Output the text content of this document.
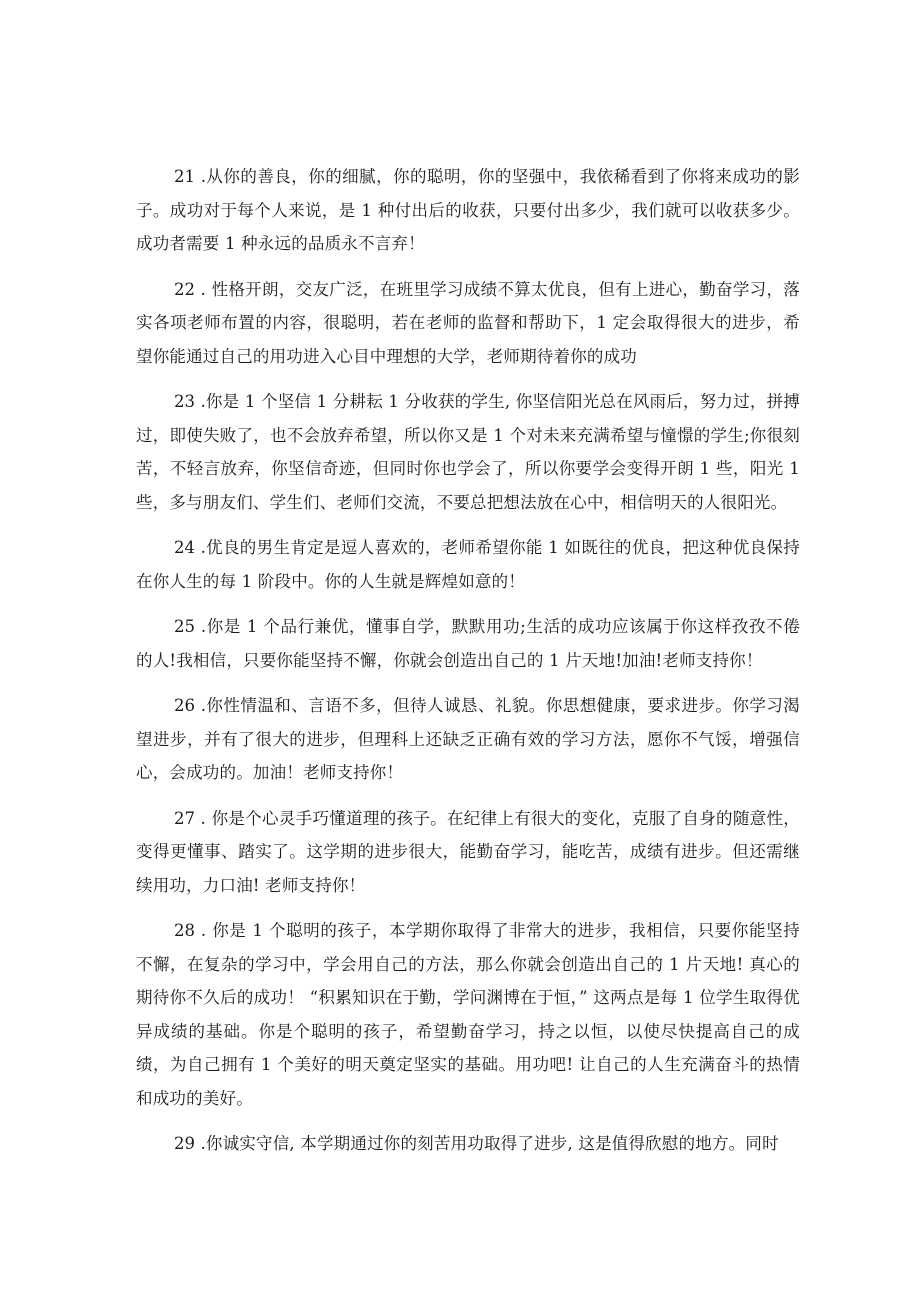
21 .从你的善良，你的细腻，你的聪明，你的坚强中，我依稀看到了你将来成功的影子。成功对于每个人来说，是 1 种付出后的收获，只要付出多少，我们就可以收获多少。成功者需要 1 种永远的品质永不言弃！

22 . 性格开朗，交友广泛，在班里学习成绩不算太优良，但有上进心，勤奋学习，落实各项老师布置的内容，很聪明，若在老师的监督和帮助下，1 定会取得很大的进步，希望你能通过自己的用功进入心目中理想的大学，老师期待着你的成功

23 .你是 1 个坚信 1 分耕耘 1 分收获的学生, 你坚信阳光总在风雨后，努力过，拼搏过，即使失败了，也不会放弃希望，所以你又是 1 个对未来充满希望与憧憬的学生;你很刻苦，不轻言放弃，你坚信奇迹，但同时你也学会了，所以你要学会变得开朗 1 些，阳光 1 些，多与朋友们、学生们、老师们交流，不要总把想法放在心中，相信明天的人很阳光。

24 .优良的男生肯定是逗人喜欢的，老师希望你能 1 如既往的优良，把这种优良保持在你人生的每 1 阶段中。你的人生就是辉煌如意的！

25 .你是 1 个品行兼优，懂事自学，默默用功;生活的成功应该属于你这样孜孜不倦的人!我相信，只要你能坚持不懈，你就会创造出自己的 1 片天地!加油!老师支持你！

26 .你性情温和、言语不多，但待人诚恳、礼貌。你思想健康，要求进步。你学习渴望进步，并有了很大的进步，但理科上还缺乏正确有效的学习方法，愿你不气馁，增强信心，会成功的。加油！老师支持你！

27 . 你是个心灵手巧懂道理的孩子。在纪律上有很大的变化，克服了自身的随意性，变得更懂事、踏实了。这学期的进步很大，能勤奋学习，能吃苦，成绩有进步。但还需继续用功，力口油! 老师支持你！

28 . 你是 1 个聪明的孩子，本学期你取得了非常大的进步，我相信，只要你能坚持不懈，在复杂的学习中，学会用自己的方法，那么你就会创造出自己的 1 片天地! 真心的期待你不久后的成功！ “积累知识在于勤，学问渊博在于恒，” 这两点是每 1 位学生取得优异成绩的基础。你是个聪明的孩子，希望勤奋学习，持之以恒，以使尽快提高自己的成绩，为自己拥有 1 个美好的明天奠定坚实的基础。用功吧! 让自己的人生充满奋斗的热情和成功的美好。

29 .你诚实守信, 本学期通过你的刻苦用功取得了进步, 这是值得欣慰的地方。同时
